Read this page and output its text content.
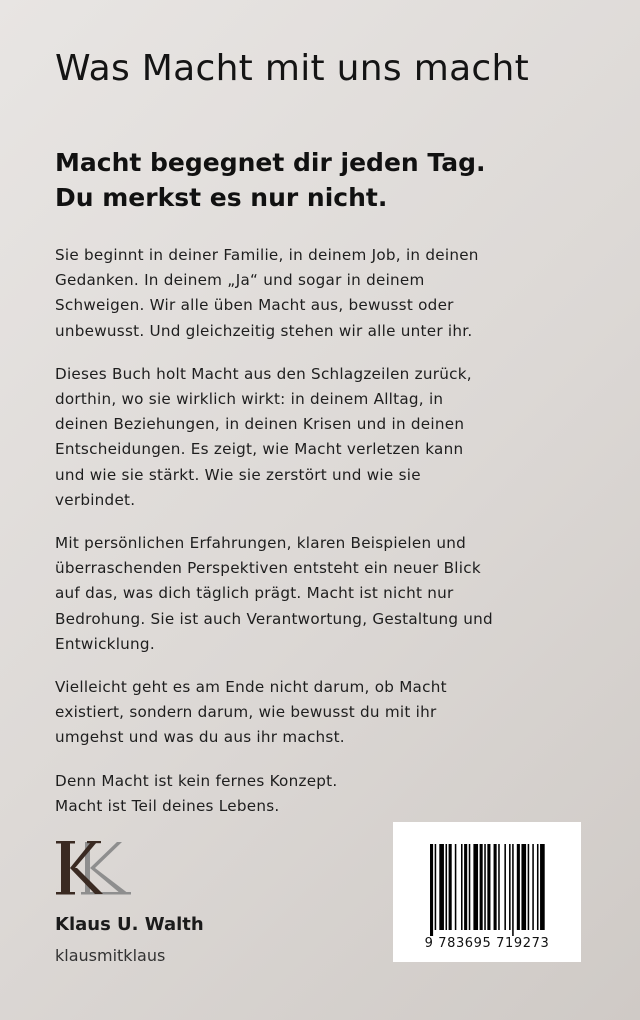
Was Macht mit uns macht
Macht begegnet dir jeden Tag.
Du merkst es nur nicht.

Sie beginnt in deiner Familie, in deinem Job, in deinen
Gedanken. In deinem „Ja“ und sogar in deinem
Schweigen. Wir alle üben Macht aus, bewusst oder
unbewusst. Und gleichzeitig stehen wir alle unter ihr.

Dieses Buch holt Macht aus den Schlagzeilen zurück,
dorthin, wo sie wirklich wirkt: in deinem Alltag, in
deinen Beziehungen, in deinen Krisen und in deinen
Entscheidungen. Es zeigt, wie Macht verletzen kann
und wie sie stärkt. Wie sie zerstört und wie sie
verbindet.

Mit persönlichen Erfahrungen, klaren Beispielen und
überraschenden Perspektiven entsteht ein neuer Blick
auf das, was dich täglich prägt. Macht ist nicht nur
Bedrohung. Sie ist auch Verantwortung, Gestaltung und
Entwicklung.

Vielleicht geht es am Ende nicht darum, ob Macht
existiert, sondern darum, wie bewusst du mit ihr
umgehst und was du aus ihr machst.

Denn Macht ist kein fernes Konzept.
Macht ist Teil deines Lebens.

Klaus U. Walth
klausmitklaus
9 783695 719273
